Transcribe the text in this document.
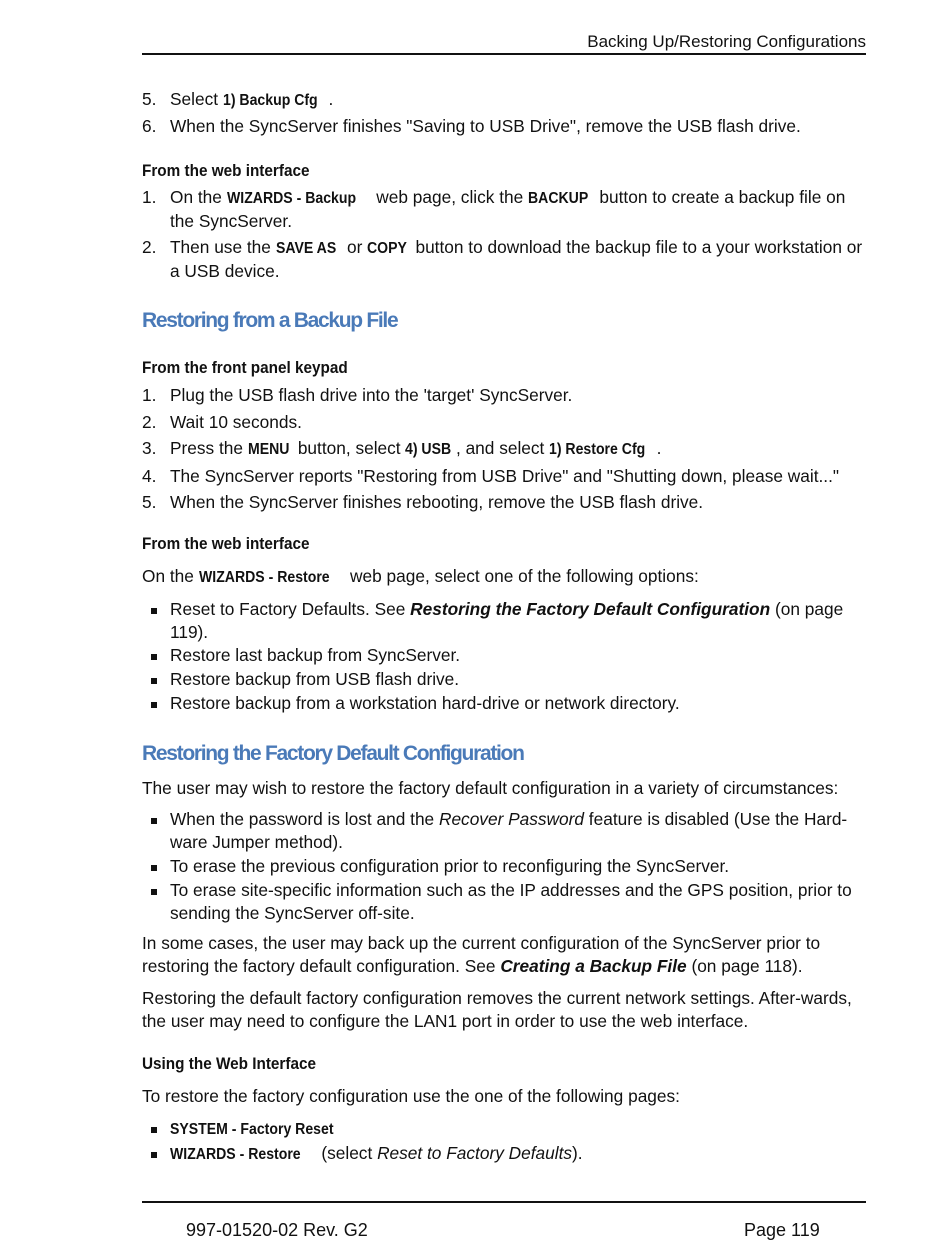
Backing Up/Restoring Configurations
5. Select 1) Backup Cfg .
6. When the SyncServer finishes "Saving to USB Drive", remove the USB flash drive.
From the web interface
1. On the WIZARDS - Backup web page, click the BACKUP button to create a backup file on the SyncServer.
2. Then use the SAVE AS or COPY button to download the backup file to a your workstation or a USB device.
Restoring from a Backup File
From the front panel keypad
1. Plug the USB flash drive into the 'target' SyncServer.
2. Wait 10 seconds.
3. Press the MENU button, select 4) USB , and select 1) Restore Cfg .
4. The SyncServer reports "Restoring from USB Drive" and "Shutting down, please wait..."
5. When the SyncServer finishes rebooting, remove the USB flash drive.
From the web interface
On the WIZARDS - Restore web page, select one of the following options:
Reset to Factory Defaults. See Restoring the Factory Default Configuration (on page 119).
Restore last backup from SyncServer.
Restore backup from USB flash drive.
Restore backup from a workstation hard-drive or network directory.
Restoring the Factory Default Configuration
The user may wish to restore the factory default configuration in a variety of circumstances:
When the password is lost and the Recover Password feature is disabled (Use the Hard-ware Jumper method).
To erase the previous configuration prior to reconfiguring the SyncServer.
To erase site-specific information such as the IP addresses and the GPS position, prior to sending the SyncServer off-site.
In some cases, the user may back up the current configuration of the SyncServer prior to restoring the factory default configuration. See Creating a Backup File (on page 118).
Restoring the default factory configuration removes the current network settings. After-wards, the user may need to configure the LAN1 port in order to use the web interface.
Using the Web Interface
To restore the factory configuration use the one of the following pages:
SYSTEM - Factory Reset
WIZARDS - Restore (select Reset to Factory Defaults).
997-01520-02 Rev. G2	Page 119
